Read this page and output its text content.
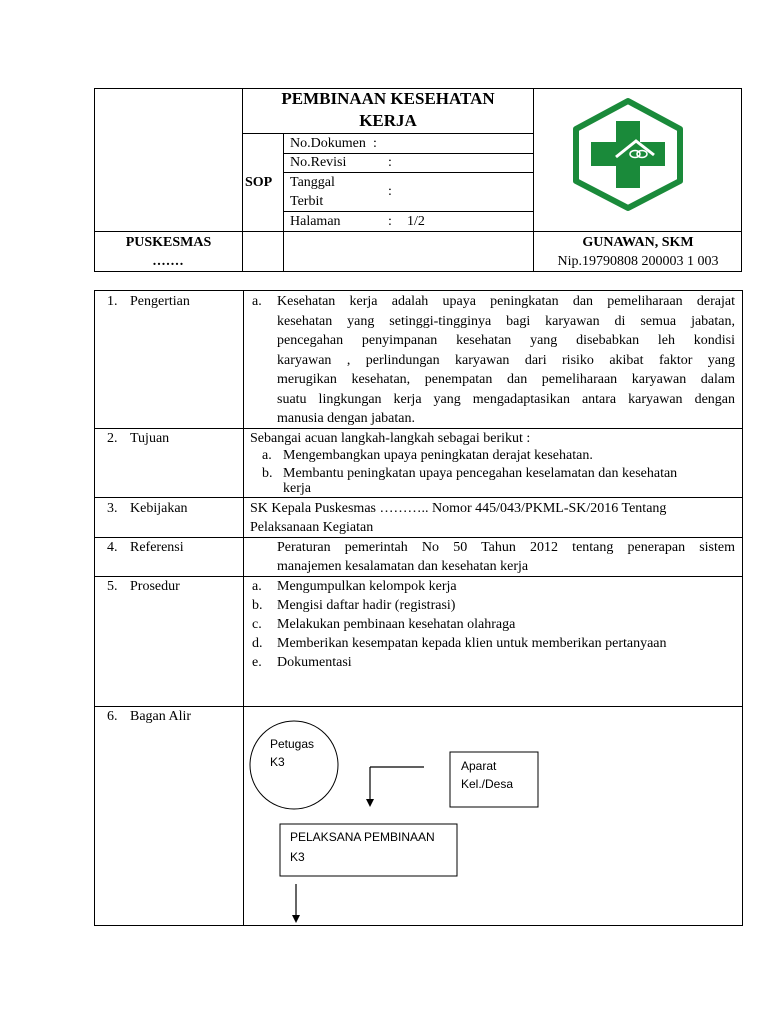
PEMBINAAN KESEHATAN
KERJA
SOP
No.Dokumen :
No.Revisi	:
Tanggal
Terbit
:
Halaman	: 1/2
PUSKESMAS
.......
GUNAWAN, SKM
Nip.19790808 200003 1 003
1. Pengertian	a. Kesehatan kerja adalah upaya peningkatan dan pemeliharaan derajat
kesehatan yang setinggi-tingginya bagi karyawan di semua jabatan,
pencegahan penyimpanan kesehatan yang disebabkan leh kondisi
karyawan , perlindungan karyawan dari risiko akibat faktor yang
merugikan kesehatan, penempatan dan pemeliharaan karyawan dalam
suatu lingkungan kerja yang mengadaptasikan antara karyawan dengan
manusia dengan jabatan.
2. Tujuan	Sebangai acuan langkah-langkah sebagai berikut :
a. Mengembangkan upaya peningkatan derajat kesehatan.
b. Membantu peningkatan upaya pencegahan keselamatan dan kesehatan
kerja
3. Kebijakan	SK Kepala Puskesmas ……….. Nomor 445/043/PKML-SK/2016 Tentang
Pelaksanaan Kegiatan
4. Referensi	Peraturan pemerintah No 50 Tahun 2012 tentang penerapan sistem
manajemen kesalamatan dan kesehatan kerja
5. Prosedur	a. Mengumpulkan kelompok kerja
b. Mengisi daftar hadir (registrasi)
c. Melakukan pembinaan kesehatan olahraga
d. Memberikan kesempatan kepada klien untuk memberikan pertanyaan
e. Dokumentasi
6. Bagan Alir
Petugas
K3	Aparat
Kel./Desa
PELAKSANA PEMBINAAN
K3
